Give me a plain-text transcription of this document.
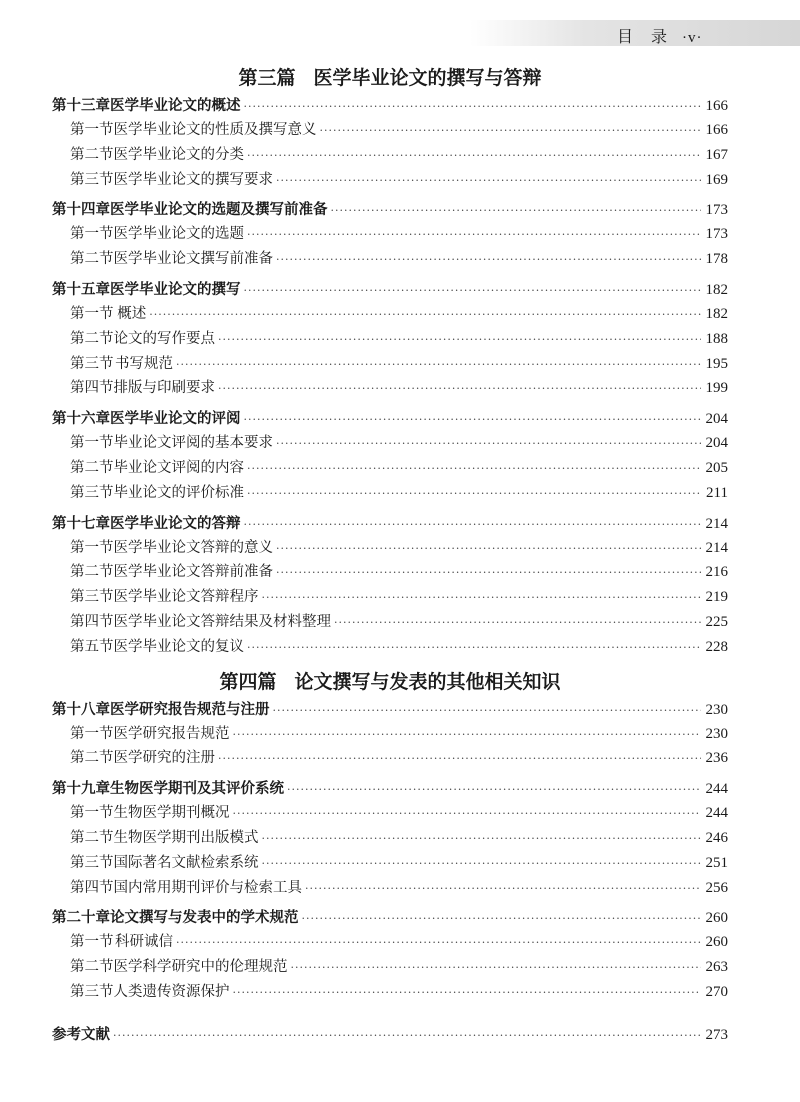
目　录 ·v·
第三篇 医学毕业论文的撰写与答辩
第十三章 医学毕业论文的概述 ·····	166
第一节 医学毕业论文的性质及撰写意义 ·····	166
第二节 医学毕业论文的分类 ·····	167
第三节 医学毕业论文的撰写要求 ·····	169
第十四章 医学毕业论文的选题及撰写前准备 ·····	173
第一节 医学毕业论文的选题 ·····	173
第二节 医学毕业论文撰写前准备 ·····	178
第十五章 医学毕业论文的撰写 ·····	182
第一节 概述 ·····	182
第二节 论文的写作要点 ·····	188
第三节 书写规范 ·····	195
第四节 排版与印刷要求 ·····	199
第十六章 医学毕业论文的评阅 ·····	204
第一节 毕业论文评阅的基本要求 ·····	204
第二节 毕业论文评阅的内容 ·····	205
第三节 毕业论文的评价标准 ·····	211
第十七章 医学毕业论文的答辩 ·····	214
第一节 医学毕业论文答辩的意义 ·····	214
第二节 医学毕业论文答辩前准备 ·····	216
第三节 医学毕业论文答辩程序 ·····	219
第四节 医学毕业论文答辩结果及材料整理 ·····	225
第五节 医学毕业论文的复议 ·····	228
第四篇 论文撰写与发表的其他相关知识
第十八章 医学研究报告规范与注册 ·····	230
第一节 医学研究报告规范 ·····	230
第二节 医学研究的注册 ·····	236
第十九章 生物医学期刊及其评价系统 ·····	244
第一节 生物医学期刊概况 ·····	244
第二节 生物医学期刊出版模式 ·····	246
第三节 国际著名文献检索系统 ·····	251
第四节 国内常用期刊评价与检索工具 ·····	256
第二十章 论文撰写与发表中的学术规范 ·····	260
第一节 科研诚信 ·····	260
第二节 医学科学研究中的伦理规范 ·····	263
第三节 人类遗传资源保护 ·····	270
参考文献 ·····	273
